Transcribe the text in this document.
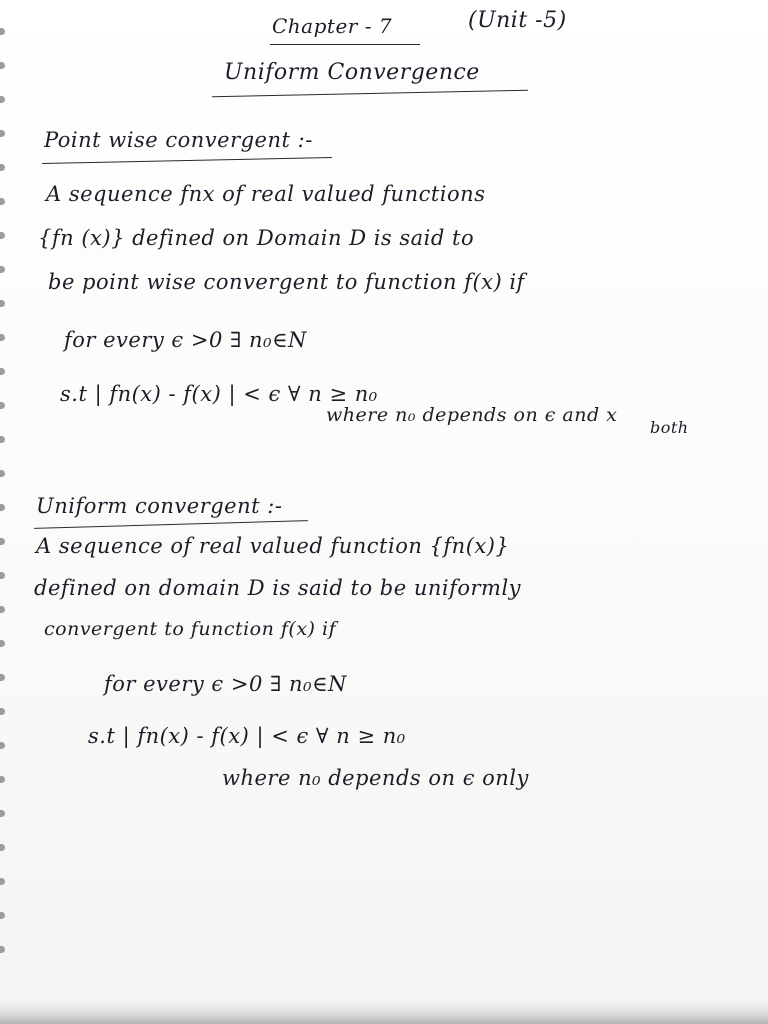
Chapter - 7	(Unit -5)
Uniform Convergence
Point wise convergent :-
A sequence fnx of real valued functions
{fn (x)} defined on Domain D is said to
be point wise convergent to function f(x) if
for every ϵ >0 ∃ n₀∈N
s.t | fn(x) - f(x) | < ϵ ∀ n ≥ n₀
where n₀ depends on ϵ and x
both
Uniform convergent :-
A sequence of real valued function {fn(x)}
defined on domain D is said to be uniformly
convergent to function f(x) if
for every ϵ >0 ∃ n₀∈N
s.t | fn(x) - f(x) | < ϵ ∀ n ≥ n₀
where n₀ depends on ϵ only
